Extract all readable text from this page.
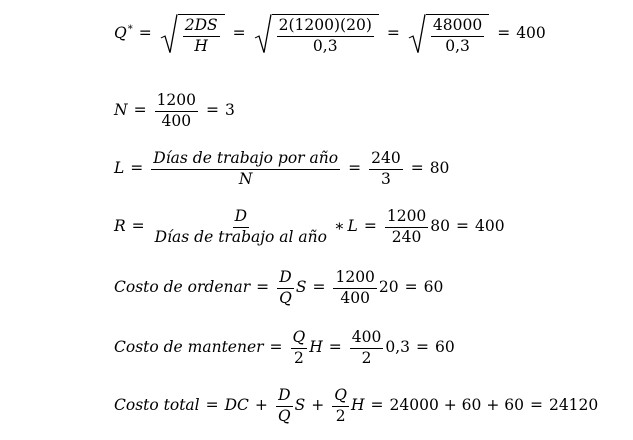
$Q^* = \frac{2DS}{H} = \frac{2(1200)(20)}{0,3} = \frac{48000}{0,3} = 400$
$N = \frac{1200}{400} = 3$
$L = \frac{\text{Días de trabajo por año}}{N} = \frac{240}{3} = 80$
$R = \frac{D}{\text{Días de trabajo al año}}$ ∗ $L = \frac{1200}{240} 80 = 400$
Costo de ordenar = $\frac{D}{Q}$ $S = \frac{1200}{400} 20 = 60$
Costo de mantener = $\frac{Q}{2}$ $H = \frac{400}{2} 0,3 = 60$
Costo total = DC + $\frac{D}{Q}$ $S + \frac{Q}{2}$ H = 24000 + 60 + 60 = 24120
